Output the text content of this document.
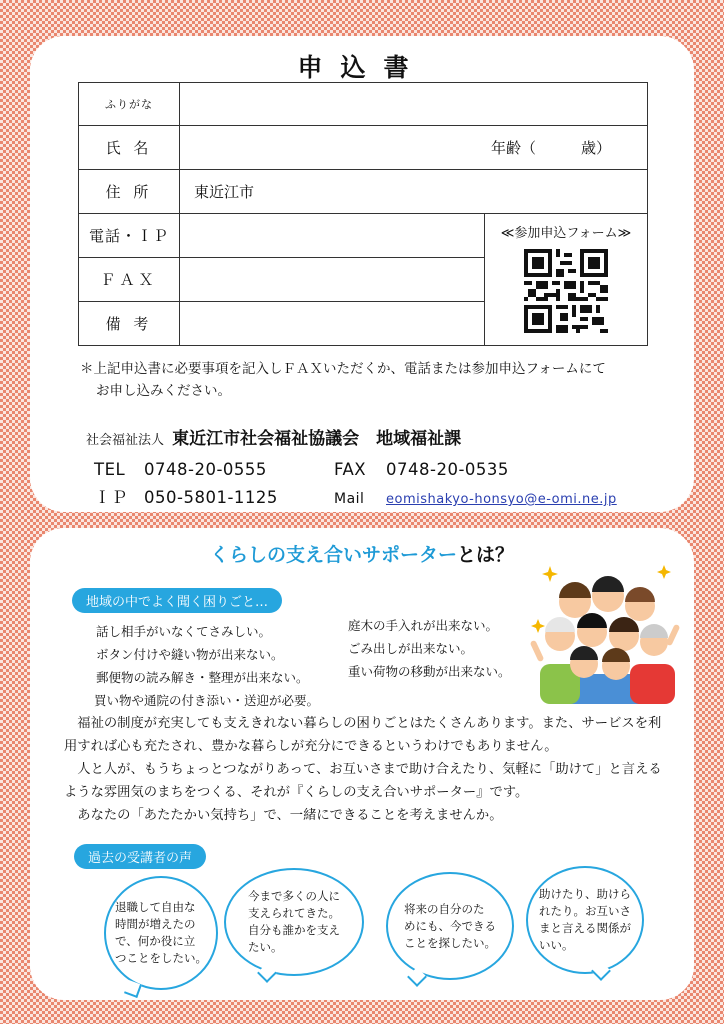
申込書
ふりがな		
氏 名	年齢（　　　歳）	

住 所	東近江市	
電話・ＩＰ		≪参加申込フォーム≫

ＦＡＸ		
備 考		
＊上記申込書に必要事項を記入しＦＡＸいただくか、電話または参加申込フォームにて
お申し込みください。
社会福祉法人 東近江市社会福祉協議会　地域福祉課
TEL 0748-20-0555	FAX 0748-20-0535
ＩＰ 050-5801-1125	Mail eomishakyo-honsyo@e-omi.ne.jp
くらしの支え合いサポーターとは？
地域の中でよく聞く困りごと…
話し相手がいなくてさみしい。
ボタン付けや縫い物が出来ない。
郵便物の読み解き・整理が出来ない。
買い物や通院の付き添い・送迎が必要。
庭木の手入れが出来ない。
ごみ出しが出来ない。
重い荷物の移動が出来ない。

福祉の制度が充実しても支えきれない暮らしの困りごとはたくさんあります。また、サービスを利用すれば心も充たされ、豊かな暮らしが充分にできるというわけでもありません。

人と人が、もうちょっとつながりあって、お互いさまで助け合えたり、気軽に「助けて」と言えるような雰囲気のまちをつくる、それが『くらしの支え合いサポーター』です。

あなたの「あたたかい気持ち」で、一緒にできることを考えませんか。

過去の受講者の声
退職して自由な
時間が増えたの
で、何か役に立
つことをしたい。
今まで多くの人に
支えられてきた。
自分も誰かを支え
たい。
将来の自分のた
めにも、今できる
ことを探したい。
助けたり、助けら
れたり。お互いさ
まと言える関係が
いい。
